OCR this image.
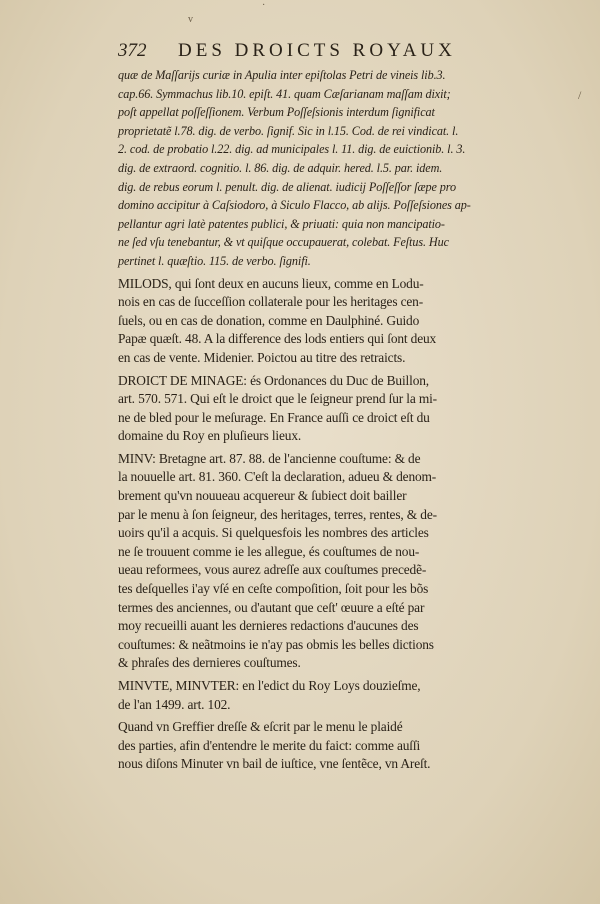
·
v
/
372 DES DROICTS ROYAUX
quæ de Maſſarijs curiæ in Apulia inter epiſtolas Petri de vineis lib.3.
cap.66. Symmachus lib.10. epiſt. 41. quam Cæſarianam maſſam dixit;
poſt appellat poſſeſſionem. Verbum Poſſeſsionis interdum ſignificat
proprietatẽ l.78. dig. de verbo. ſignif. Sic in l.15. Cod. de rei vindicat. l.
2. cod. de probatio l.22. dig. ad municipales l. 11. dig. de euictionib. l. 3.
dig. de extraord. cognitio. l. 86. dig. de adquir. hered. l.5. par. idem.
dig. de rebus eorum l. penult. dig. de alienat. iudicij Poſſeſſor ſæpe pro
domino accipitur à Caſsiodoro, à Siculo Flacco, ab alijs. Poſſeſsiones ap-
pellantur agri latè patentes publici, & priuati: quia non mancipatio-
ne ſed vſu tenebantur, & vt quiſque occupauerat, colebat. Feſtus. Huc
pertinet l. quæſtio. 115. de verbo. ſignifi.
MILODS, qui ſont deux en aucuns lieux, comme en Lodu-
nois en cas de ſucceſſion collaterale pour les heritages cen-
ſuels, ou en cas de donation, comme en Daulphiné. Guido
Papæ quæſt. 48. A la difference des lods entiers qui ſont deux
en cas de vente. Midenier. Poictou au titre des retraicts.
DROICT DE MINAGE: és Ordonances du Duc de Buillon,
art. 570. 571. Qui eſt le droict que le ſeigneur prend ſur la mi-
ne de bled pour le meſurage. En France auſſi ce droict eſt du
domaine du Roy en pluſieurs lieux.
MINV: Bretagne art. 87. 88. de l'ancienne couſtume: & de
la nouuelle art. 81. 360. C'eſt la declaration, adueu & denom-
brement qu'vn nouueau acquereur & ſubiect doit bailler
par le menu à ſon ſeigneur, des heritages, terres, rentes, & de-
uoirs qu'il a acquis. Si quelquesfois les nombres des articles
ne ſe trouuent comme ie les allegue, és couſtumes de nou-
ueau reformees, vous aurez adreſſe aux couſtumes precedẽ-
tes deſquelles i'ay vſé en ceſte compoſition, ſoit pour les bõs
termes des anciennes, ou d'autant que ceſt' œuure a eſté par
moy recueilli auant les dernieres redactions d'aucunes des
couſtumes: & neãtmoins ie n'ay pas obmis les belles dictions
& phraſes des dernieres couſtumes.
MINVTE, MINVTER: en l'edict du Roy Loys douzieſme,
de l'an 1499. art. 102.
Quand vn Greffier dreſſe & eſcrit par le menu le plaidé
des parties, afin d'entendre le merite du faict: comme auſſi
nous diſons Minuter vn bail de iuſtice, vne ſentẽce, vn Areſt.
